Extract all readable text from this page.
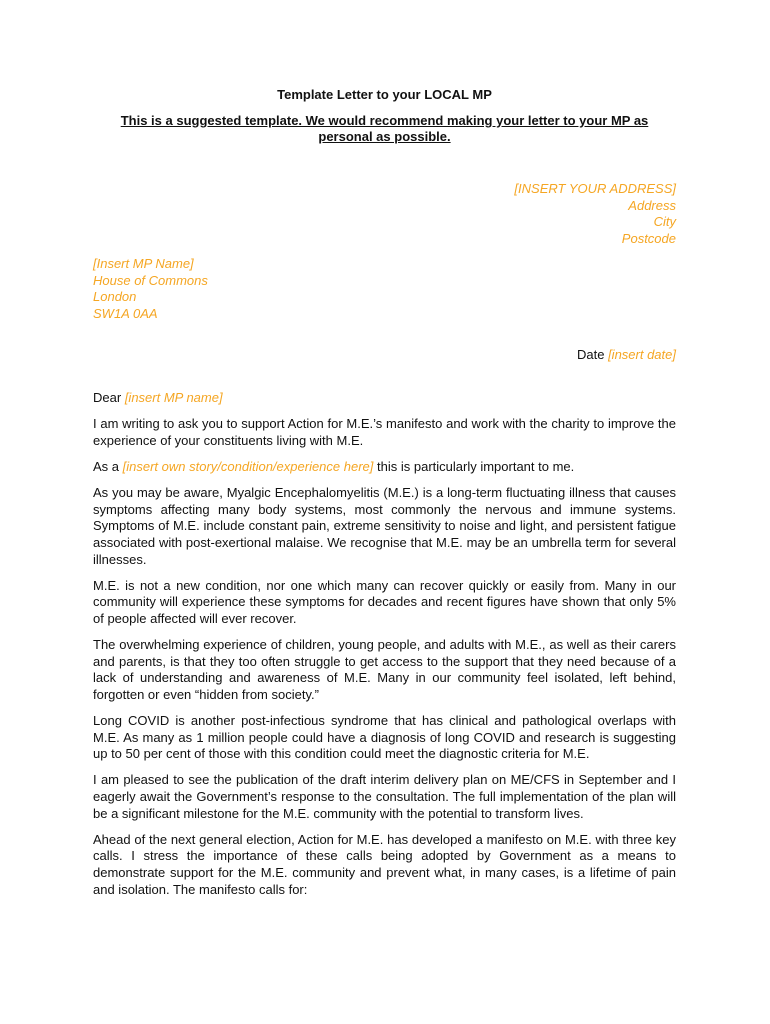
Template Letter to your LOCAL MP
This is a suggested template. We would recommend making your letter to your MP as personal as possible.
[INSERT YOUR ADDRESS]
Address
City
Postcode
[Insert MP Name]
House of Commons
London
SW1A 0AA
Date [insert date]

Dear [insert MP name]

I am writing to ask you to support Action for M.E.’s manifesto and work with the charity to improve the experience of your constituents living with M.E.

As a [insert own story/condition/experience here] this is particularly important to me.

As you may be aware, Myalgic Encephalomyelitis (M.E.) is a long-term fluctuating illness that causes symptoms affecting many body systems, most commonly the nervous and immune systems. Symptoms of M.E. include constant pain, extreme sensitivity to noise and light, and persistent fatigue associated with post-exertional malaise. We recognise that M.E. may be an umbrella term for several illnesses.

M.E. is not a new condition, nor one which many can recover quickly or easily from. Many in our community will experience these symptoms for decades and recent figures have shown that only 5% of people affected will ever recover.

The overwhelming experience of children, young people, and adults with M.E., as well as their carers and parents, is that they too often struggle to get access to the support that they need because of a lack of understanding and awareness of M.E. Many in our community feel isolated, left behind, forgotten or even “hidden from society.”

Long COVID is another post-infectious syndrome that has clinical and pathological overlaps with M.E. As many as 1 million people could have a diagnosis of long COVID and research is suggesting up to 50 per cent of those with this condition could meet the diagnostic criteria for M.E.

I am pleased to see the publication of the draft interim delivery plan on ME/CFS in September and I eagerly await the Government’s response to the consultation. The full implementation of the plan will be a significant milestone for the M.E. community with the potential to transform lives.

Ahead of the next general election, Action for M.E. has developed a manifesto on M.E. with three key calls. I stress the importance of these calls being adopted by Government as a means to demonstrate support for the M.E. community and prevent what, in many cases, is a lifetime of pain and isolation. The manifesto calls for:
